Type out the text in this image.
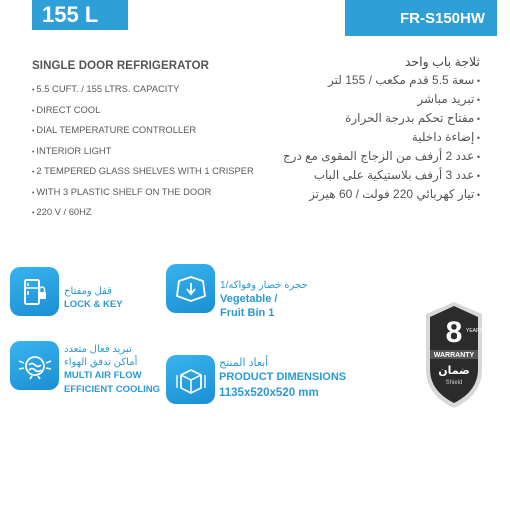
155 L	FR-S150HW
SINGLE DOOR REFRIGERATOR
• 5.5 CUFT. / 155 LTRS. CAPACITY
• DIRECT COOL
• DIAL TEMPERATURE CONTROLLER
• INTERIOR LIGHT
• 2 TEMPERED GLASS SHELVES WITH 1 CRISPER
• WITH 3 PLASTIC SHELF ON THE DOOR
• 220 V / 60HZ
ثلاجة باب واحد
• سعة 5.5 قدم مكعب / 155 لتر
• تبريد مباشر
• مفتاح تحكم بدرجة الحرارة
• إضاءة داخلية
• عدد 2 أرفف من الزجاج المقوى مع درج
• عدد 3 أرفف بلاستيكية على الباب
• تيار كهربائي 220 فولت / 60 هيرتز
قفل ومفتاح
LOCK & KEY
حجرة خضار وفواكه/1
Vegetable /
Fruit Bin 1
تبريد فعال متعدد
أماكن تدفق الهواء
MULTI AIR FLOW
EFFICIENT COOLING
أبعاد المنتج
PRODUCT DIMENSIONS
1135x520x520 mm
8 YEARS
WARRANTY
ضمان
Shield
